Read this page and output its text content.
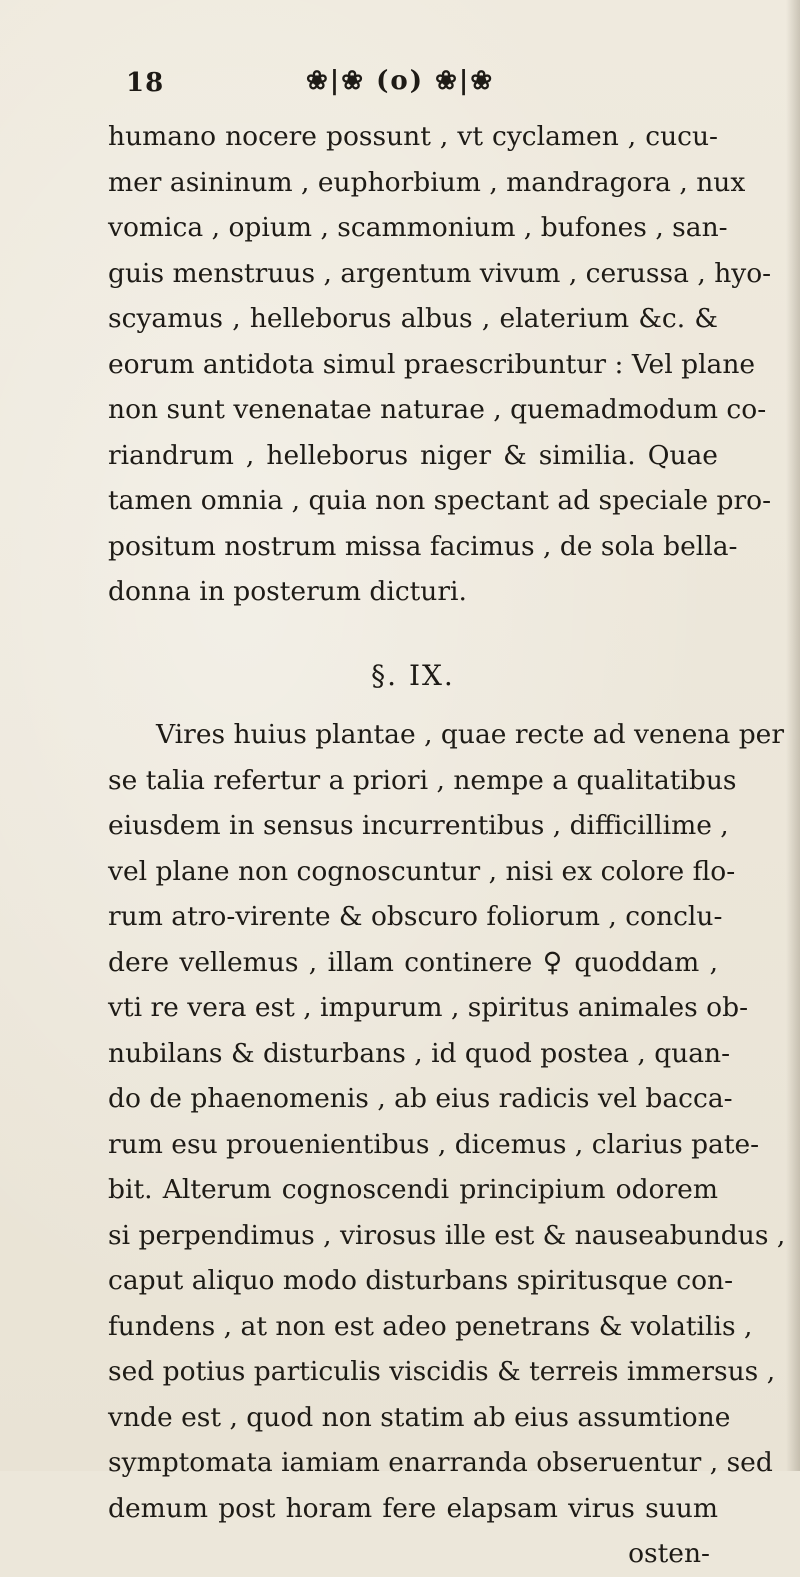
18	❀|❀ (o) ❀|❀
humano nocere possunt , vt cyclamen , cucu-
mer asininum , euphorbium , mandragora , nux
vomica , opium , scammonium , bufones , san-
guis menstruus , argentum vivum , cerussa , hyo-
scyamus , helleborus albus , elaterium &c. &
eorum antidota simul praescribuntur : Vel plane
non sunt venenatae naturae , quemadmodum co-
riandrum , helleborus niger & similia. Quae
tamen omnia , quia non spectant ad speciale pro-
positum nostrum missa facimus , de sola bella-
donna in posterum dicturi.
§. IX.
Vires huius plantae , quae recte ad venena per
se talia refertur a priori , nempe a qualitatibus
eiusdem in sensus incurrentibus , difficillime ,
vel plane non cognoscuntur , nisi ex colore flo-
rum atro-virente & obscuro foliorum , conclu-
dere vellemus , illam continere ♀ quoddam ,
vti re vera est , impurum , spiritus animales ob-
nubilans & disturbans , id quod postea , quan-
do de phaenomenis , ab eius radicis vel bacca-
rum esu prouenientibus , dicemus , clarius pate-
bit. Alterum cognoscendi principium odorem
si perpendimus , virosus ille est & nauseabundus ,
caput aliquo modo disturbans spiritusque con-
fundens , at non est adeo penetrans & volatilis ,
sed potius particulis viscidis & terreis immersus ,
vnde est , quod non statim ab eius assumtione
symptomata iamiam enarranda obseruentur , sed
demum post horam fere elapsam virus suum
osten-
